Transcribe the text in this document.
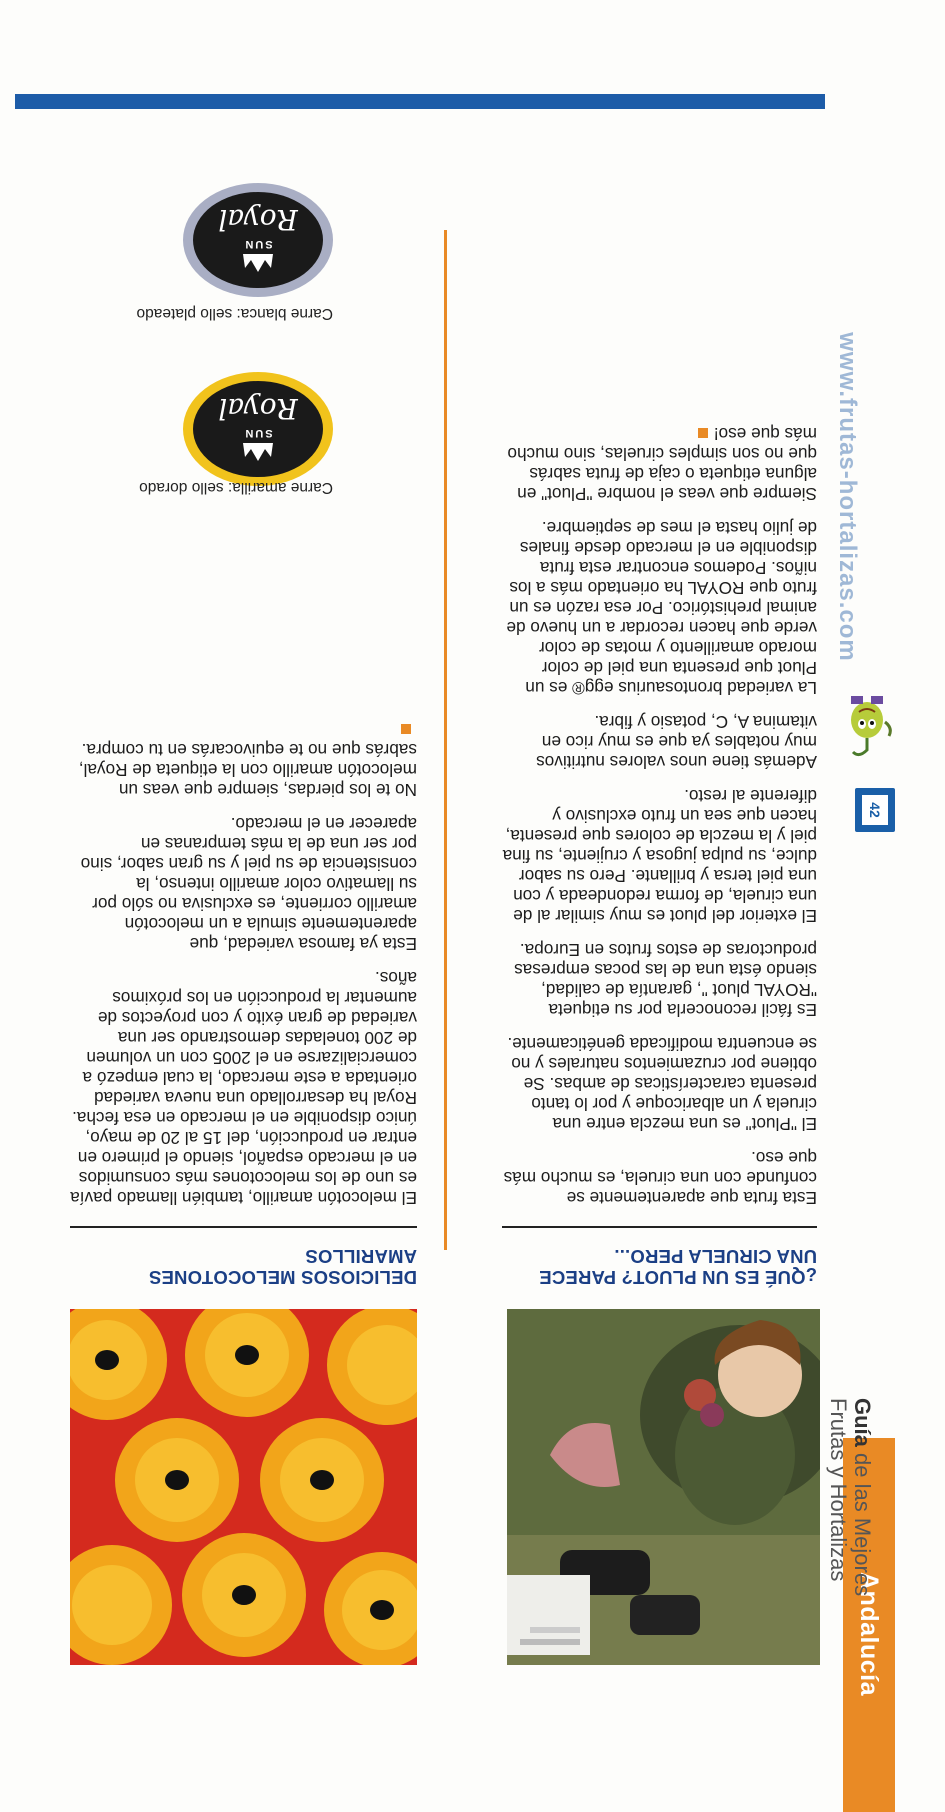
Andalucía
Guía de las Mejores Frutas y Hortalizas
42
www.frutas-hortalizas.com
¿QUÉ ES UN PLUOT? PARECE UNA CIRUELA PERO...

Esta fruta que aparentemente se confunde con una ciruela, es mucho más que eso.

El "Pluot" es una mezcla entre una ciruela y un albaricoque y por lo tanto presenta características de ambas. Se obtiene por cruzamientos naturales y no se encuentra modificada genéticamente.

Es fácil reconocerla por su etiqueta "ROYAL pluot ", garantía de calidad, siendo ésta una de las pocas empresas productoras de estos frutos en Europa.

El exterior del pluot es muy similar al de una ciruela, de forma redondeada y con una piel tersa y brillante. Pero su sabor dulce, su pulpa jugosa y crujiente, su fina piel y la mezcla de colores que presenta, hacen que sea un fruto exclusivo y diferente al resto.

Además tiene unos valores nutritivos muy notables ya que es muy rico en vitamina A, C, potasio y fibra.

La variedad brontosaurius egg® es un Pluot que presenta una piel de color morado amarillento y motas de color verde que hacen recordar a un huevo de animal prehistórico. Por esa razón es un fruto que ROYAL ha orientado más a los niños. Podemos encontrar esta fruta disponible en el mercado desde finales de julio hasta el mes de septiembre.

Siempre que veas el nombre "Pluot" en alguna etiqueta o caja de fruta sabrás que no son simples ciruelas, sino mucho más que eso!

DELICIOSOS MELOCOTONES AMARILLOS

El melocotón amarillo, también llamado pavía es uno de los melocotones más consumidos en el mercado español, siendo el primero en entrar en producción, del 15 al 20 de mayo, único disponible en el mercado en esa fecha. Royal ha desarrollado una nueva variedad orientada a este mercado, la cual empezó a comercializarse en el 2005 con un volumen de 200 toneladas demostrando ser una variedad de gran éxito y con proyectos de aumentar la producción en los próximos años.

Esta ya famosa variedad, que aparentemente simula a un melocotón amarillo corriente, es exclusiva no sólo por su llamativo color amarillo intenso, la consistencia de su piel y su gran sabor, sino por ser una de la más tempranas en aparecer en el mercado.

No te los pierdas, siempre que veas un melocotón amarillo con la etiqueta de Royal, sabrás que no te equivocarás en tu compra.

SUN
Royal
Carne amarilla: sello dorado
SUN
Royal
Carne blanca: sello plateado
